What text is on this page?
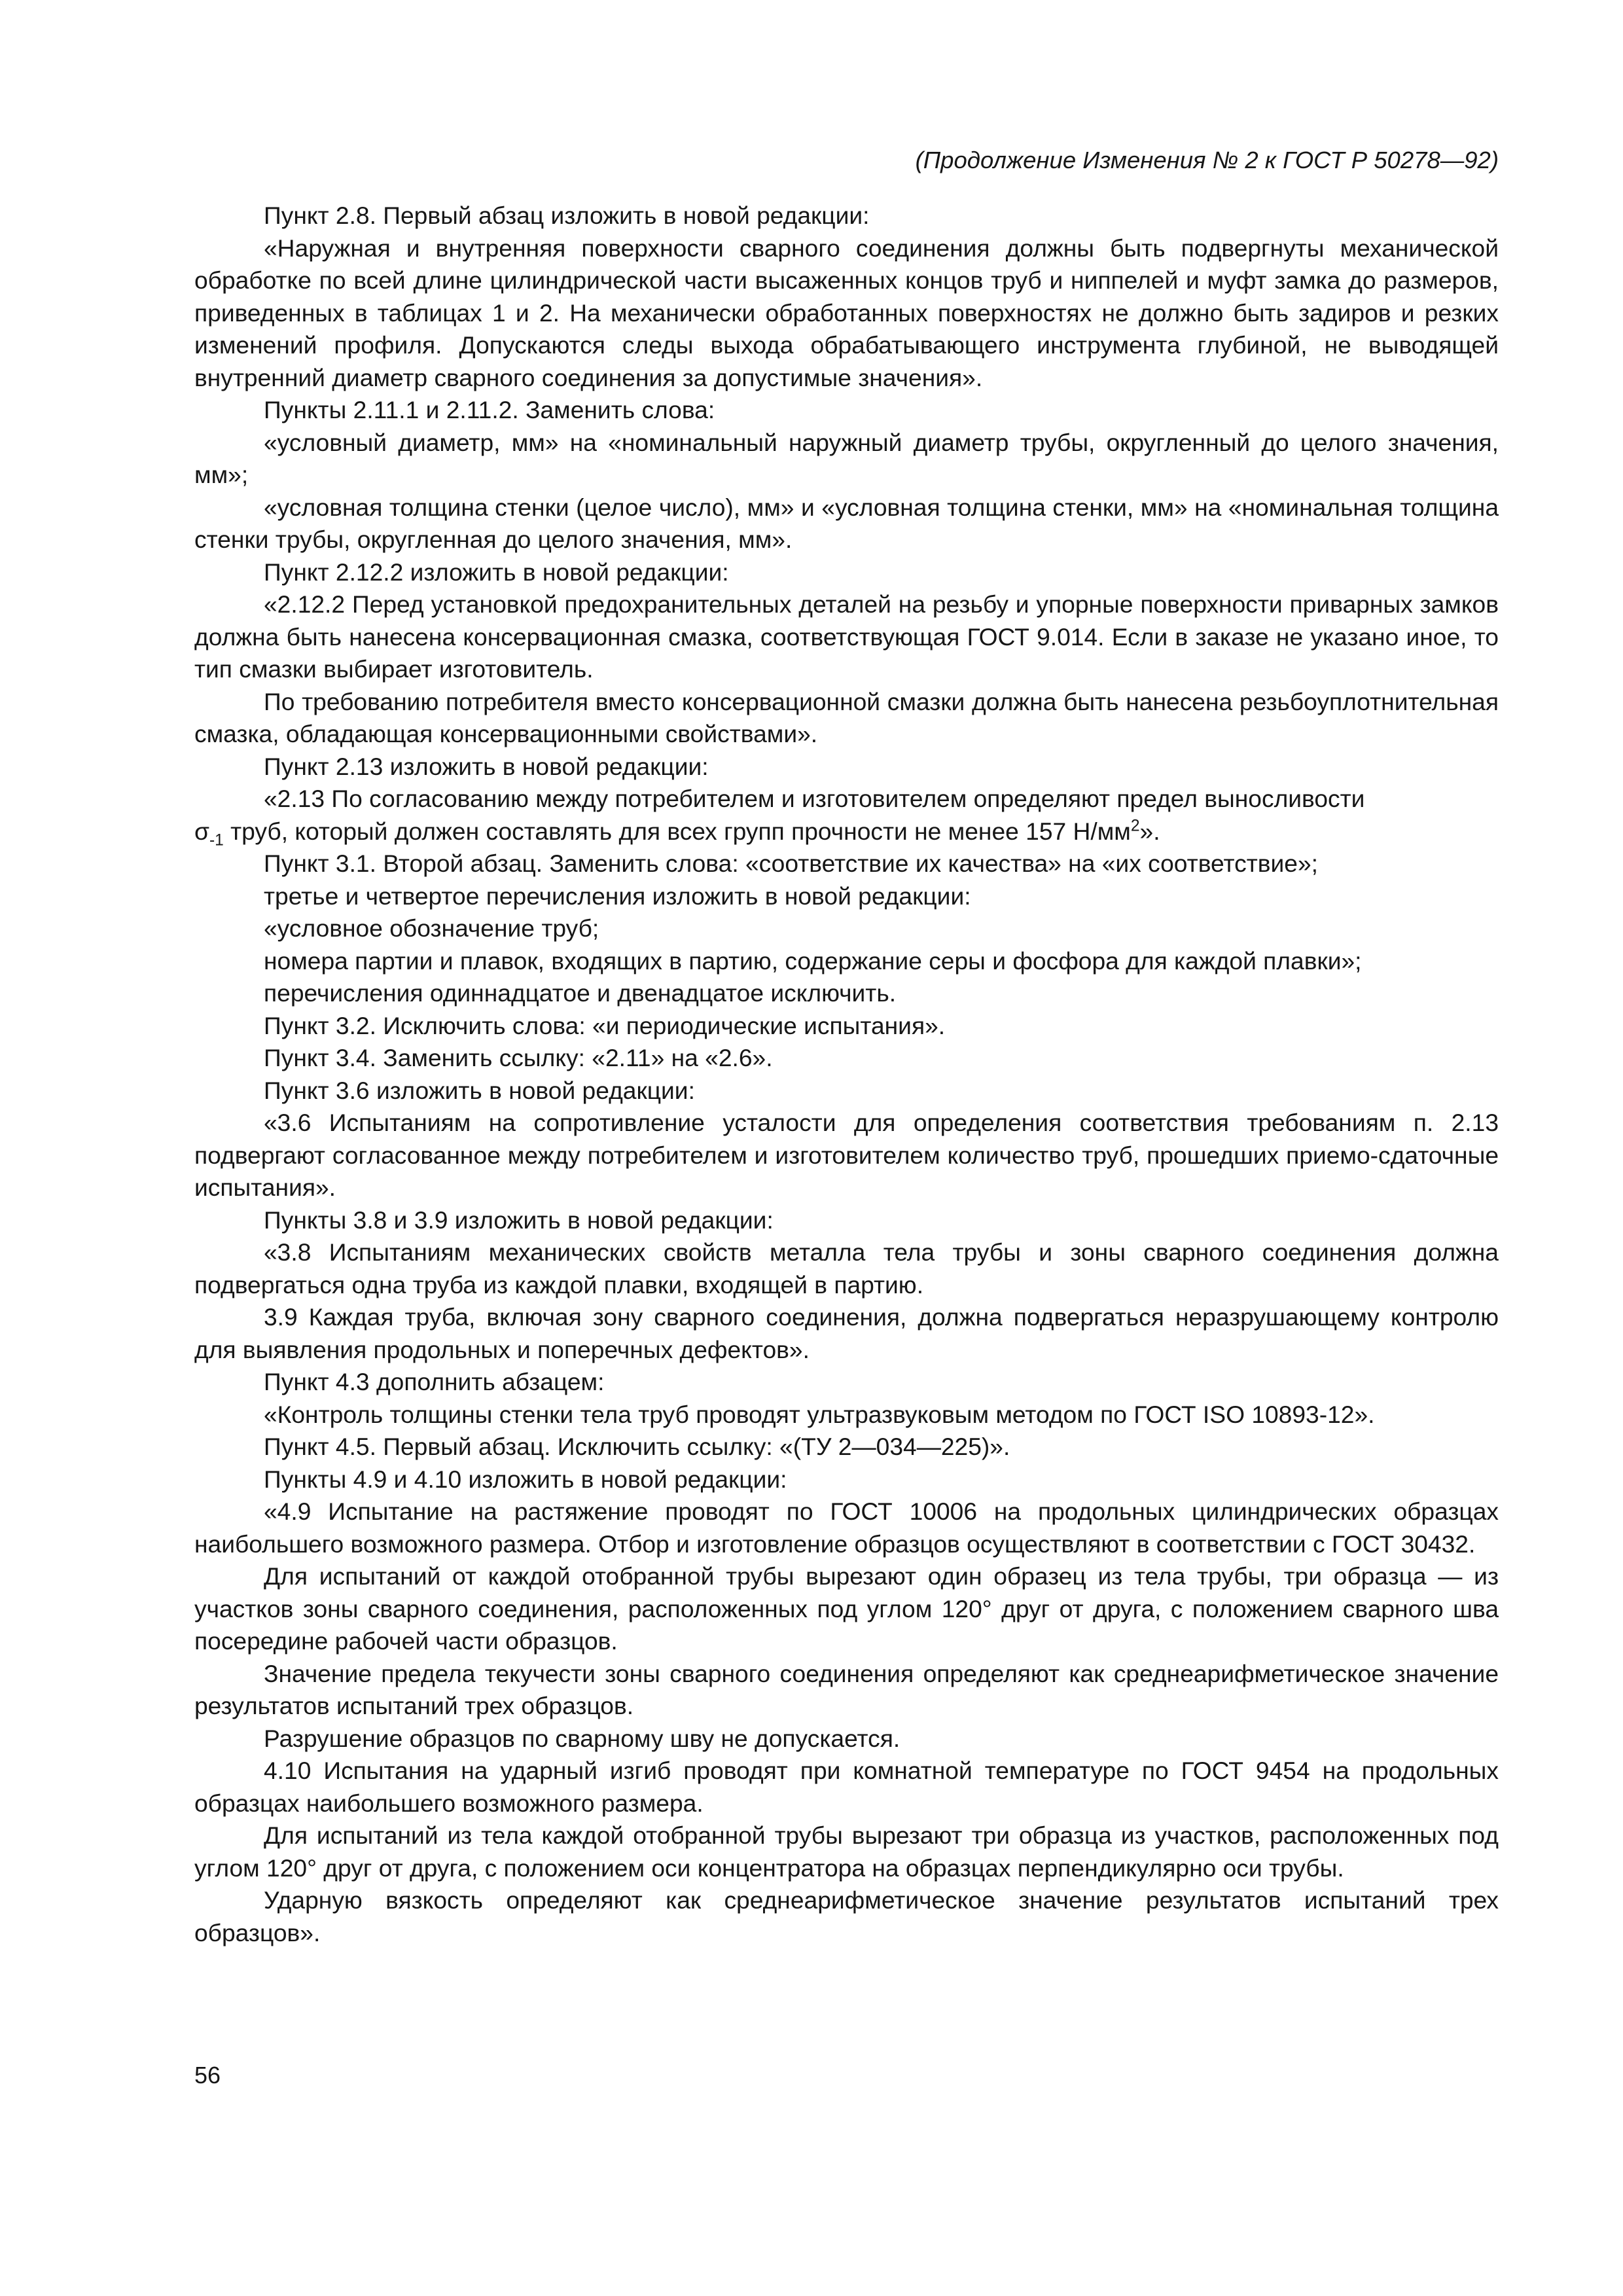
(Продолжение Изменения № 2 к ГОСТ Р 50278—92)

Пункт 2.8. Первый абзац изложить в новой редакции:

«Наружная и внутренняя поверхности сварного соединения должны быть подвергнуты механической обработке по всей длине цилиндрической части высаженных концов труб и ниппелей и муфт замка до размеров, приведенных в таблицах 1 и 2. На механически обработанных поверхностях не должно быть задиров и резких изменений профиля. Допускаются следы выхода обрабатывающего инструмента глубиной, не выводящей внутренний диаметр сварного соединения за допустимые значения».

Пункты 2.11.1 и 2.11.2. Заменить слова:

«условный диаметр, мм» на «номинальный наружный диаметр трубы, округленный до целого значения, мм»;

«условная толщина стенки (целое число), мм» и «условная толщина стенки, мм» на «номинальная толщина стенки трубы, округленная до целого значения, мм».

Пункт 2.12.2 изложить в новой редакции:

«2.12.2 Перед установкой предохранительных деталей на резьбу и упорные поверхности приварных замков должна быть нанесена консервационная смазка, соответствующая ГОСТ 9.014. Если в заказе не указано иное, то тип смазки выбирает изготовитель.

По требованию потребителя вместо консервационной смазки должна быть нанесена резьбоуплотнительная смазка, обладающая консервационными свойствами».

Пункт 2.13 изложить в новой редакции:

«2.13 По согласованию между потребителем и изготовителем определяют предел выносливости

$\sigma_{-1}$ труб, который должен составлять для всех групп прочности не менее 157 $Н/мм^2$».

Пункт 3.1. Второй абзац. Заменить слова: «соответствие их качества» на «их соответствие»;

третье и четвертое перечисления изложить в новой редакции:

«условное обозначение труб;

номера партии и плавок, входящих в партию, содержание серы и фосфора для каждой плавки»;

перечисления одиннадцатое и двенадцатое исключить.

Пункт 3.2. Исключить слова: «и периодические испытания».

Пункт 3.4. Заменить ссылку: «2.11» на «2.6».

Пункт 3.6 изложить в новой редакции:

«3.6 Испытаниям на сопротивление усталости для определения соответствия требованиям п. 2.13 подвергают согласованное между потребителем и изготовителем количество труб, прошедших приемо-сдаточные испытания».

Пункты 3.8 и 3.9 изложить в новой редакции:

«3.8 Испытаниям механических свойств металла тела трубы и зоны сварного соединения должна подвергаться одна труба из каждой плавки, входящей в партию.

3.9 Каждая труба, включая зону сварного соединения, должна подвергаться неразрушающему контролю для выявления продольных и поперечных дефектов».

Пункт 4.3 дополнить абзацем:

«Контроль толщины стенки тела труб проводят ультразвуковым методом по ГОСТ ISO 10893-12».

Пункт 4.5. Первый абзац. Исключить ссылку: «(ТУ 2—034—225)».

Пункты 4.9 и 4.10 изложить в новой редакции:

«4.9 Испытание на растяжение проводят по ГОСТ 10006 на продольных цилиндрических образцах наибольшего возможного размера. Отбор и изготовление образцов осуществляют в соответствии с ГОСТ 30432.

Для испытаний от каждой отобранной трубы вырезают один образец из тела трубы, три образца — из участков зоны сварного соединения, расположенных под углом 120° друг от друга, с положением сварного шва посередине рабочей части образцов.

Значение предела текучести зоны сварного соединения определяют как среднеарифметическое значение результатов испытаний трех образцов.

Разрушение образцов по сварному шву не допускается.

4.10 Испытания на ударный изгиб проводят при комнатной температуре по ГОСТ 9454 на продольных образцах наибольшего возможного размера.

Для испытаний из тела каждой отобранной трубы вырезают три образца из участков, расположенных под углом 120° друг от друга, с положением оси концентратора на образцах перпендикулярно оси трубы.

Ударную вязкость определяют как среднеарифметическое значение результатов испытаний трех образцов».

56
